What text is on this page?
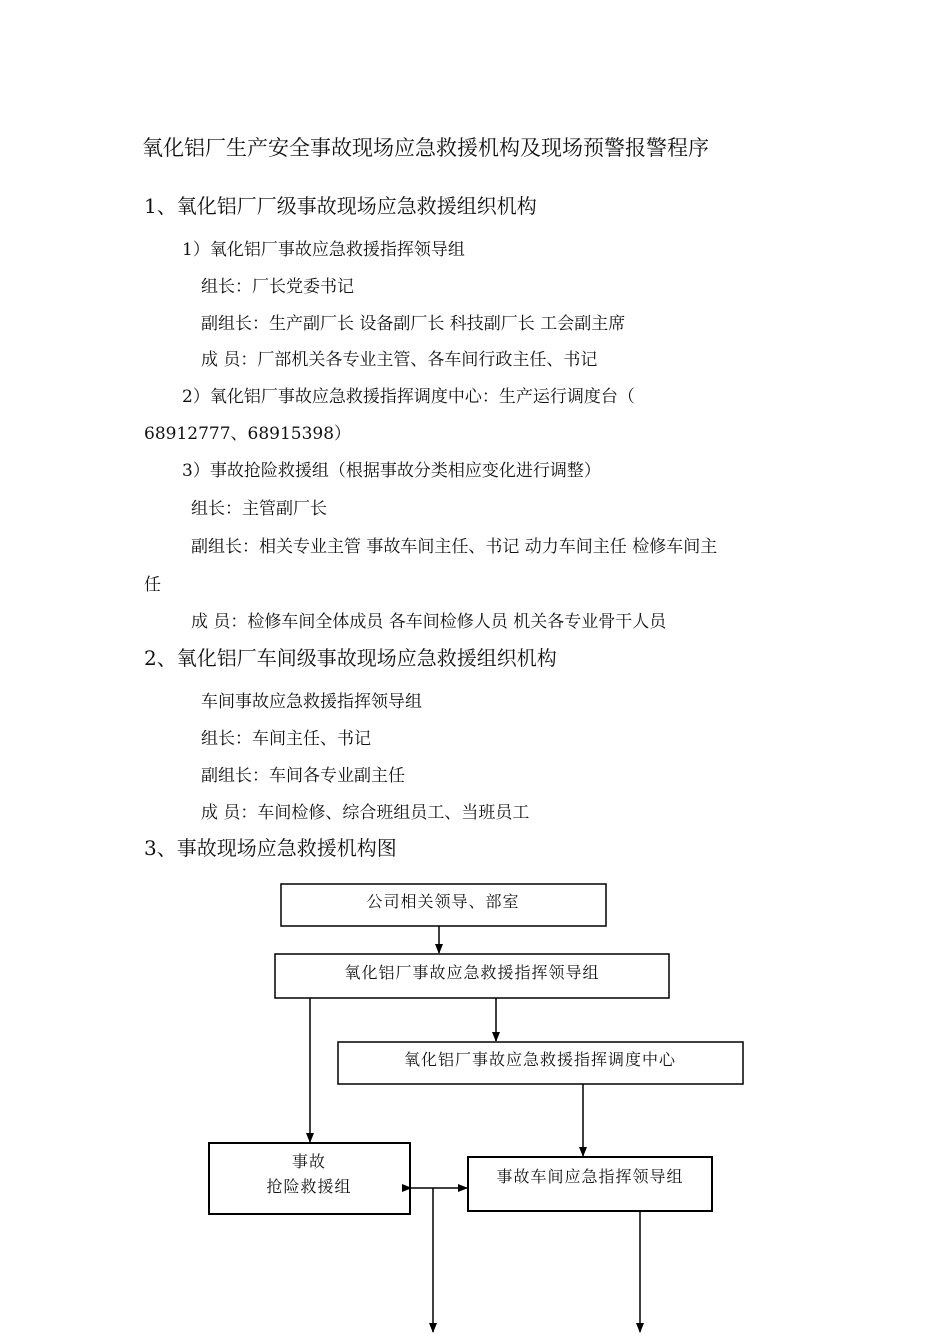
氧化铝厂生产安全事故现场应急救援机构及现场预警报警程序
1、氧化铝厂厂级事故现场应急救援组织机构
1）氧化铝厂事故应急救援指挥领导组
组长：厂长党委书记
副组长：生产副厂长 设备副厂长 科技副厂长 工会副主席
成 员：厂部机关各专业主管、各车间行政主任、书记
2）氧化铝厂事故应急救援指挥调度中心：生产运行调度台（
68912777、68915398）
3）事故抢险救援组（根据事故分类相应变化进行调整）
组长：主管副厂长
副组长：相关专业主管 事故车间主任、书记 动力车间主任 检修车间主
任
成 员：检修车间全体成员 各车间检修人员 机关各专业骨干人员
2、氧化铝厂车间级事故现场应急救援组织机构
车间事故应急救援指挥领导组
组长：车间主任、书记
副组长：车间各专业副主任
成 员：车间检修、综合班组员工、当班员工
3、事故现场应急救援机构图
公司相关领导、部室
氧化铝厂事故应急救援指挥领导组
氧化铝厂事故应急救援指挥调度中心
事故
抢险救援组
事故车间应急指挥领导组
